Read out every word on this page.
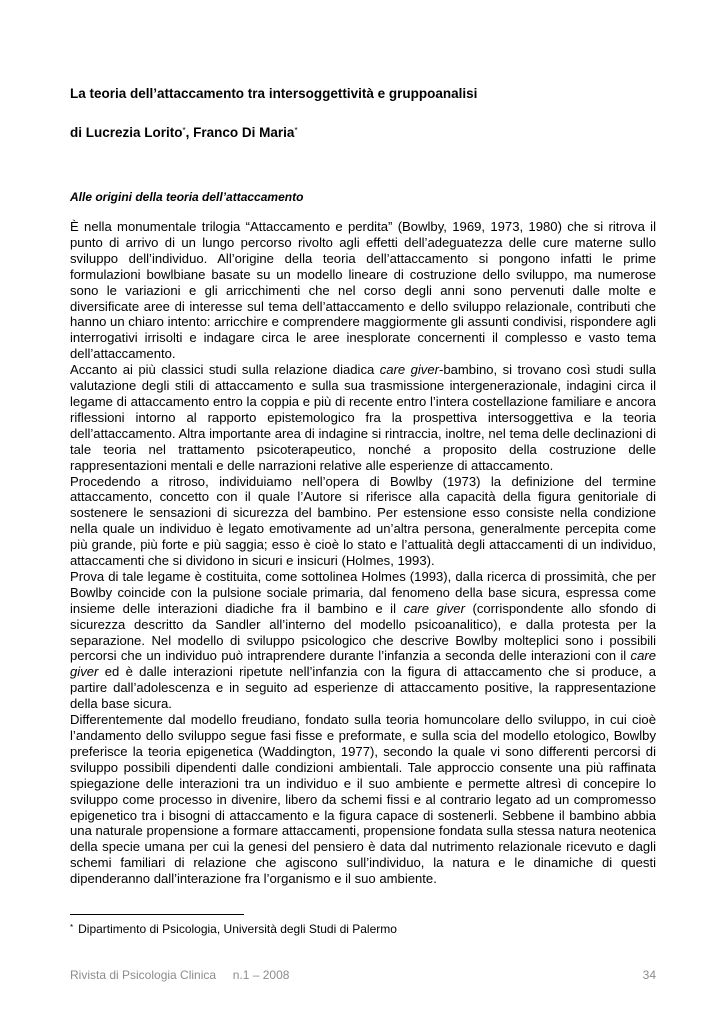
La teoria dell’attaccamento tra intersoggettività e gruppoanalisi

di Lucrezia Lorito*, Franco Di Maria*

Alle origini della teoria dell’attaccamento

È nella monumentale trilogia “Attaccamento e perdita” (Bowlby, 1969, 1973, 1980) che si ritrova il punto di arrivo di un lungo percorso rivolto agli effetti dell’adeguatezza delle cure materne sullo sviluppo dell’individuo. All’origine della teoria dell’attaccamento si pongono infatti le prime formulazioni bowlbiane basate su un modello lineare di costruzione dello sviluppo, ma numerose sono le variazioni e gli arricchimenti che nel corso degli anni sono pervenuti dalle molte e diversificate aree di interesse sul tema dell’attaccamento e dello sviluppo relazionale, contributi che hanno un chiaro intento: arricchire e comprendere maggiormente gli assunti condivisi, rispondere agli interrogativi irrisolti e indagare circa le aree inesplorate concernenti il complesso e vasto tema dell’attaccamento.

Accanto ai più classici studi sulla relazione diadica care giver-bambino, si trovano così studi sulla valutazione degli stili di attaccamento e sulla sua trasmissione intergenerazionale, indagini circa il legame di attaccamento entro la coppia e più di recente entro l’intera costellazione familiare e ancora riflessioni intorno al rapporto epistemologico fra la prospettiva intersoggettiva e la teoria dell’attaccamento. Altra importante area di indagine si rintraccia, inoltre, nel tema delle declinazioni di tale teoria nel trattamento psicoterapeutico, nonché a proposito della costruzione delle rappresentazioni mentali e delle narrazioni relative alle esperienze di attaccamento.

Procedendo a ritroso, individuiamo nell’opera di Bowlby (1973) la definizione del termine attaccamento, concetto con il quale l’Autore si riferisce alla capacità della figura genitoriale di sostenere le sensazioni di sicurezza del bambino. Per estensione esso consiste nella condizione nella quale un individuo è legato emotivamente ad un’altra persona, generalmente percepita come più grande, più forte e più saggia; esso è cioè lo stato e l’attualità degli attaccamenti di un individuo, attaccamenti che si dividono in sicuri e insicuri (Holmes, 1993).

Prova di tale legame è costituita, come sottolinea Holmes (1993), dalla ricerca di prossimità, che per Bowlby coincide con la pulsione sociale primaria, dal fenomeno della base sicura, espressa come insieme delle interazioni diadiche fra il bambino e il care giver (corrispondente allo sfondo di sicurezza descritto da Sandler all’interno del modello psicoanalitico), e dalla protesta per la separazione. Nel modello di sviluppo psicologico che descrive Bowlby molteplici sono i possibili percorsi che un individuo può intraprendere durante l’infanzia a seconda delle interazioni con il care giver ed è dalle interazioni ripetute nell’infanzia con la figura di attaccamento che si produce, a partire dall’adolescenza e in seguito ad esperienze di attaccamento positive, la rappresentazione della base sicura.

Differentemente dal modello freudiano, fondato sulla teoria homuncolare dello sviluppo, in cui cioè l’andamento dello sviluppo segue fasi fisse e preformate, e sulla scia del modello etologico, Bowlby preferisce la teoria epigenetica (Waddington, 1977), secondo la quale vi sono differenti percorsi di sviluppo possibili dipendenti dalle condizioni ambientali. Tale approccio consente una più raffinata spiegazione delle interazioni tra un individuo e il suo ambiente e permette altresì di concepire lo sviluppo come processo in divenire, libero da schemi fissi e al contrario legato ad un compromesso epigenetico tra i bisogni di attaccamento e la figura capace di sostenerli. Sebbene il bambino abbia una naturale propensione a formare attaccamenti, propensione fondata sulla stessa natura neotenica della specie umana per cui la genesi del pensiero è data dal nutrimento relazionale ricevuto e dagli schemi familiari di relazione che agiscono sull’individuo, la natura e le dinamiche di questi dipenderanno dall’interazione fra l’organismo e il suo ambiente.

* Dipartimento di Psicologia, Università degli Studi di Palermo

Rivista di Psicologia Clinica     n.1 – 2008	34
